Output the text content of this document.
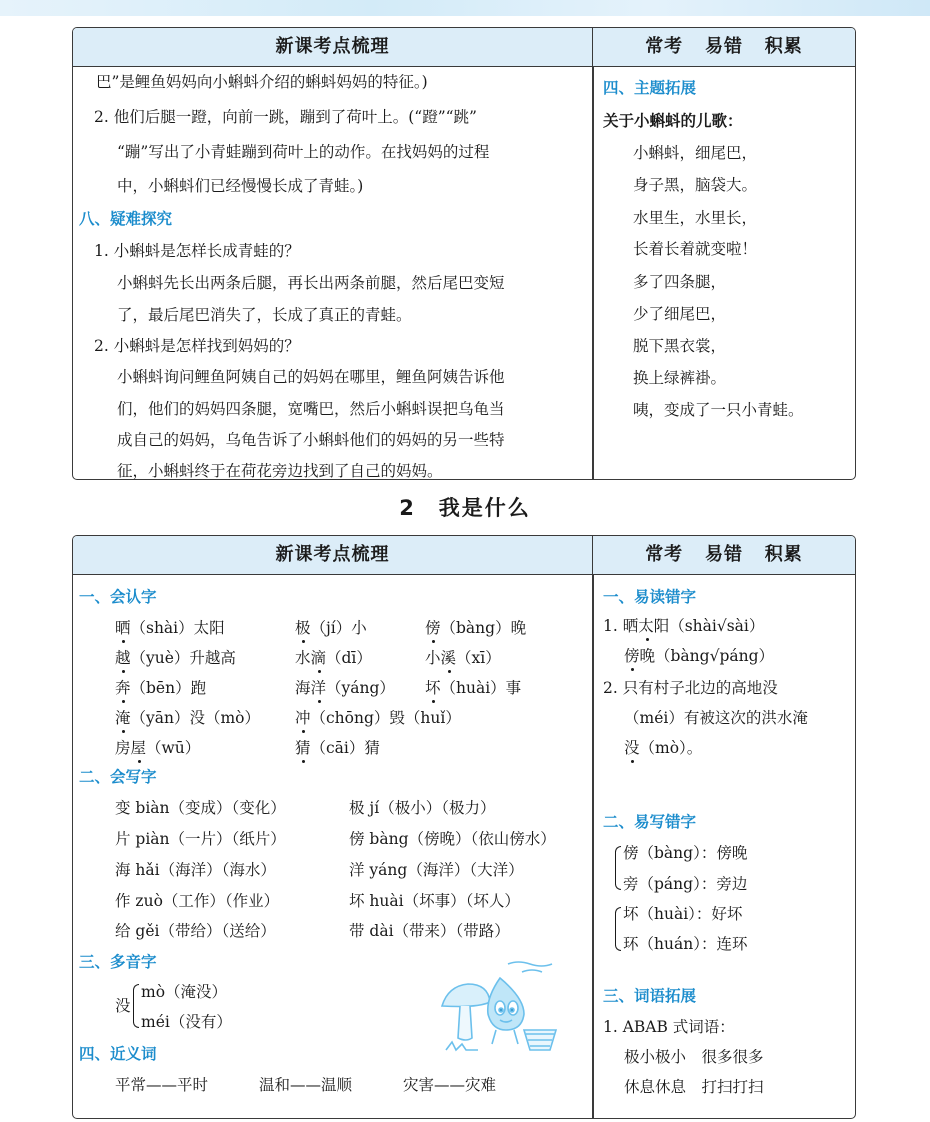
新课考点梳理	常考   易错   积累
巴”是鲤鱼妈妈向小蝌蚪介绍的蝌蚪妈妈的特征。)
2. 他们后腿一蹬，向前一跳，蹦到了荷叶上。(“蹬”“跳”
“蹦”写出了小青蛙蹦到荷叶上的动作。在找妈妈的过程
中，小蝌蚪们已经慢慢长成了青蛙。)
八、疑难探究
1. 小蝌蚪是怎样长成青蛙的？
小蝌蚪先长出两条后腿，再长出两条前腿，然后尾巴变短
了，最后尾巴消失了，长成了真正的青蛙。
2. 小蝌蚪是怎样找到妈妈的？
小蝌蚪询问鲤鱼阿姨自己的妈妈在哪里，鲤鱼阿姨告诉他
们，他们的妈妈四条腿，宽嘴巴，然后小蝌蚪误把乌龟当
成自己的妈妈，乌龟告诉了小蝌蚪他们的妈妈的另一些特
征，小蝌蚪终于在荷花旁边找到了自己的妈妈。
四、主题拓展
关于小蝌蚪的儿歌：
小蝌蚪，细尾巴，
身子黑，脑袋大。
水里生，水里长，
长着长着就变啦！
多了四条腿，
少了细尾巴，
脱下黑衣裳，
换上绿裤褂。
咦，变成了一只小青蛙。
2　我是什么
新课考点梳理	常考   易错   积累
一、会认字
晒（shài）太阳	极（jí）小	傍（bàng）晚
越（yuè）升越高	水滴（dī）	小溪（xī）
奔（bēn）跑	海洋（yáng） 坏（huài）事
淹（yān）没（mò） 冲（chōng）毁（huǐ）
房屋（wū）	猜（cāi）猜
二、会写字
变 biàn（变成）（变化）	极 jí（极小）（极力）
片 piàn（一片）（纸片）	傍 bàng（傍晚）（依山傍水）
海 hǎi（海洋）（海水）	洋 yáng（海洋）（大洋）
作 zuò（工作）（作业）	坏 huài（坏事）（坏人）
给 gěi（带给）（送给）	带 dài（带来）（带路）
三、多音字
没
mò（淹没）
méi（没有）
四、近义词
平常——平时	温和——温顺	灾害——灾难
一、易读错字
1. 晒太阳（shài√sài）
傍晚（bàng√páng）
2. 只有村子北边的高地没
（méi）有被这次的洪水淹
没（mò）。
二、易写错字
傍（bàng）：傍晚
旁（páng）：旁边
坏（huài）：好坏
环（huán）：连环
三、词语拓展
1. ABAB 式词语：
极小极小　很多很多
休息休息　打扫打扫
